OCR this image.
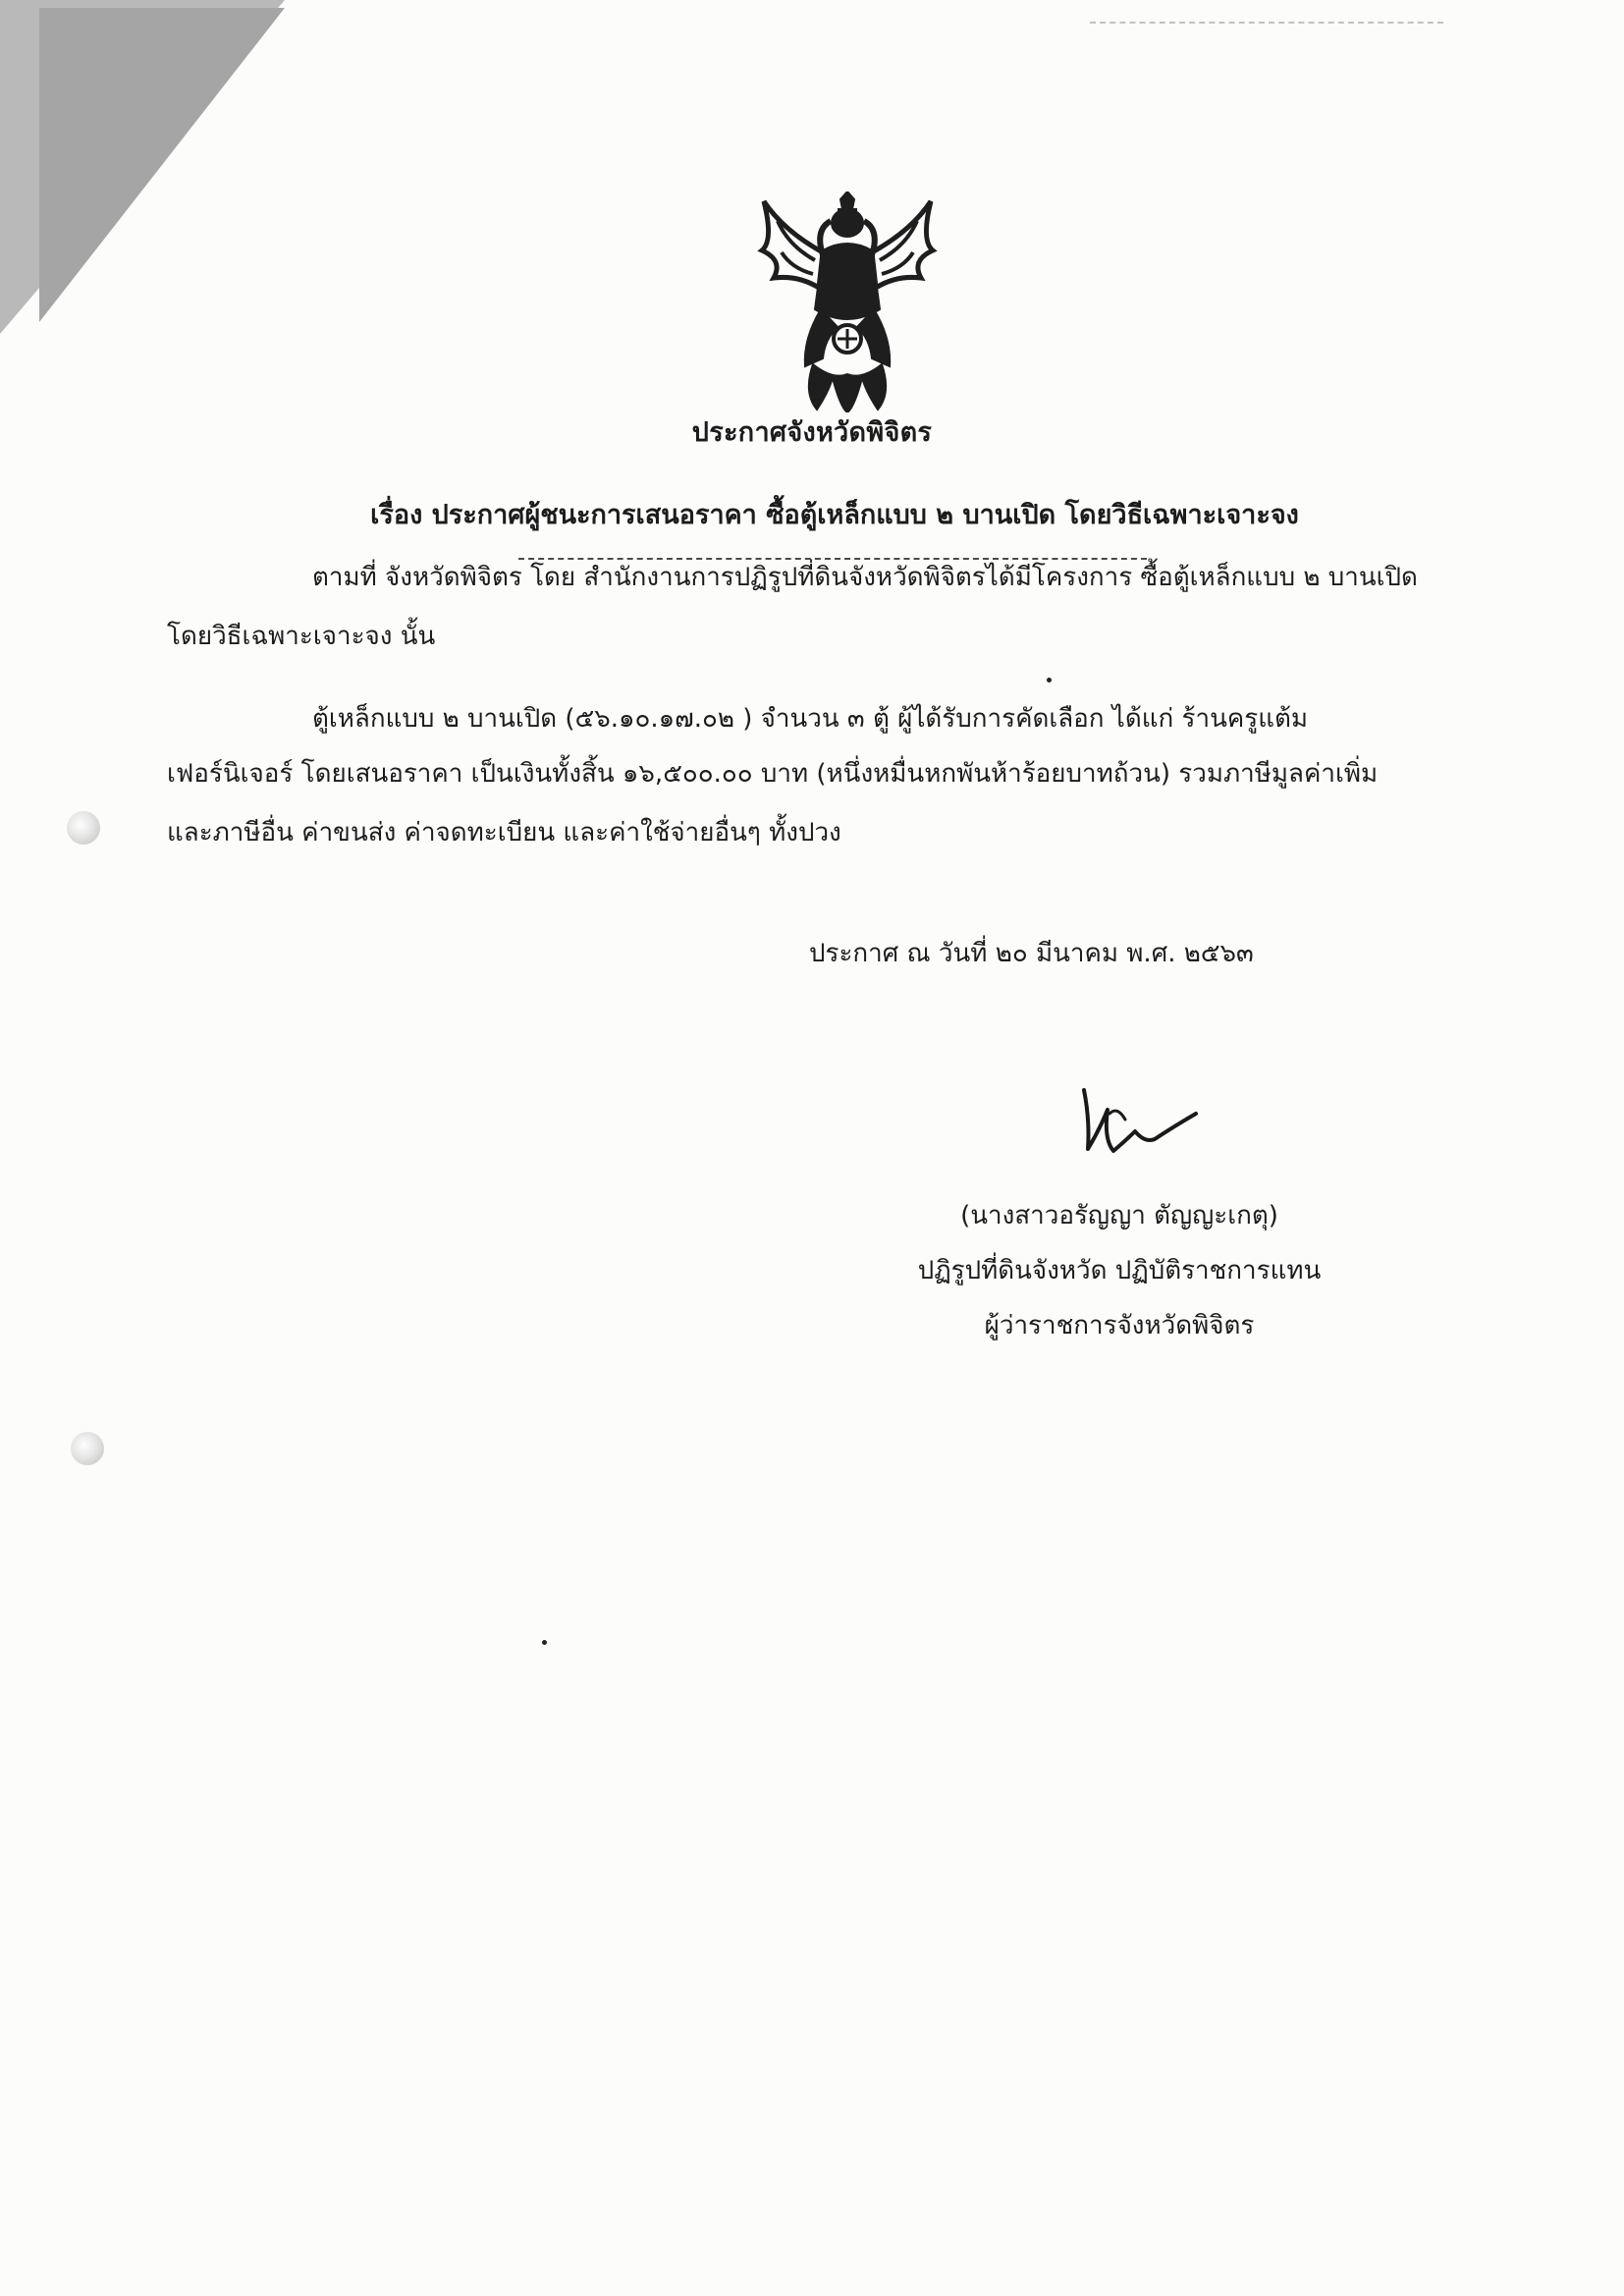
ประกาศจังหวัดพิจิตร
เรื่อง ประกาศผู้ชนะการเสนอราคา ซื้อตู้เหล็กแบบ ๒ บานเปิด โดยวิธีเฉพาะเจาะจง
ตามที่ จังหวัดพิจิตร โดย สำนักงานการปฏิรูปที่ดินจังหวัดพิจิตรได้มีโครงการ ซื้อตู้เหล็กแบบ ๒ บานเปิด
โดยวิธีเฉพาะเจาะจง นั้น
ตู้เหล็กแบบ ๒ บานเปิด (๕๖.๑๐.๑๗.๐๒ ) จำนวน ๓ ตู้ ผู้ได้รับการคัดเลือก ได้แก่ ร้านครูแต้ม
เฟอร์นิเจอร์ โดยเสนอราคา เป็นเงินทั้งสิ้น ๑๖,๕๐๐.๐๐ บาท (หนึ่งหมื่นหกพันห้าร้อยบาทถ้วน) รวมภาษีมูลค่าเพิ่ม
และภาษีอื่น ค่าขนส่ง ค่าจดทะเบียน และค่าใช้จ่ายอื่นๆ ทั้งปวง
ประกาศ ณ วันที่ ๒๐ มีนาคม พ.ศ. ๒๕๖๓
(นางสาวอรัญญา ตัญญะเกตุ)
ปฏิรูปที่ดินจังหวัด ปฏิบัติราชการแทน
ผู้ว่าราชการจังหวัดพิจิตร
